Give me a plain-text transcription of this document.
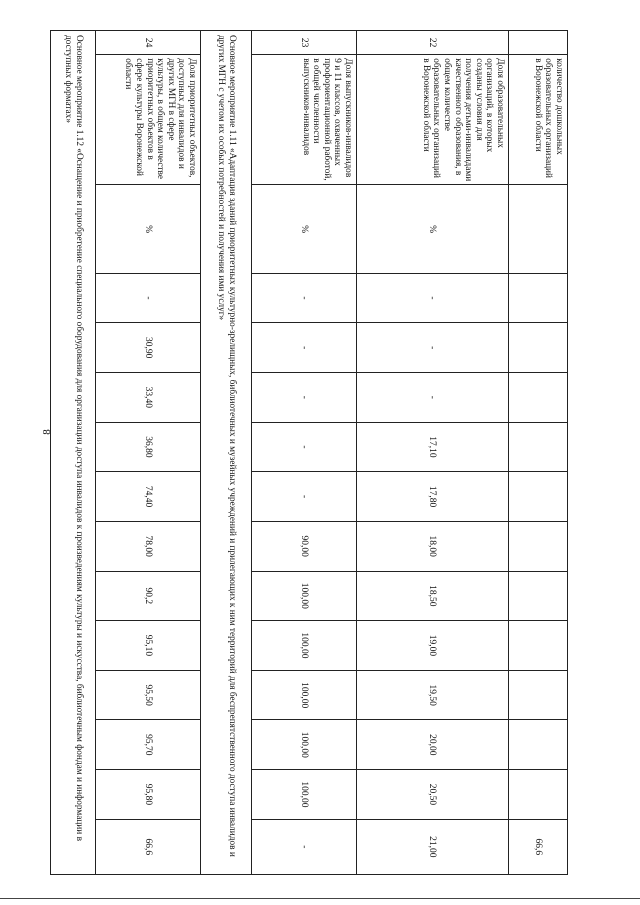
8
	количество дошкольных образовательных организаций в Воронежской области													66,6
22	Доля образовательных организаций, в которых созданы условия для получения детьми-инвалидами качественного образования, в общем количестве образовательных организаций в Воронежской области	%	-	-	-	17,10	17,80	18,00	18,50	19,00	19,50	20,00	20,50	21,00
23	Доля выпускников-инвалидов 9 и 11 классов, охваченных профориентационной работой, в общей численности выпускников-инвалидов	%	-	-	-	-	-	90,00	100,00	100,00	100,00	100,00	100,00	-
Основное мероприятие 1.11 «Адаптация зданий приоритетных культурно-зрелищных, библиотечных и музейных учреждений и прилегающих к ним территорий для беспрепятственного доступа инвалидов и других МГН с учетом их особых потребностей и получения ими услуг»														
24	Доля приоритетных объектов, доступных для инвалидов и других МГН в сфере культуры, в общем количестве приоритетных объектов в сфере культуры Воронежской области	%	-	30,90	33,40	36,80	74,40	78,00	90,2	95,10	95,50	95,70	95,80	66,6
Основное мероприятие 1.12 «Оснащение и приобретение специального оборудования для организации доступа инвалидов к произведениям культуры и искусства, библиотечным фондам и информации в доступных форматах»														
